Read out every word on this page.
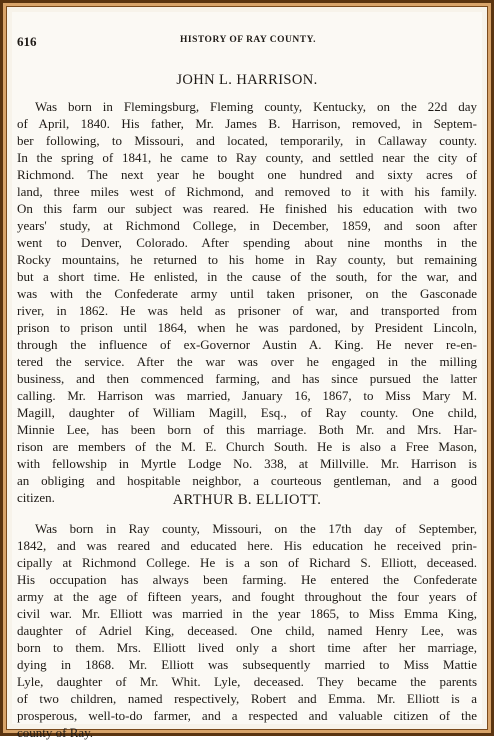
616	HISTORY OF RAY COUNTY.
JOHN L. HARRISON.
Was born in Flemingsburg, Fleming county, Kentucky, on the 22d day
of April, 1840. His father, Mr. James B. Harrison, removed, in Septem-
ber following, to Missouri, and located, temporarily, in Callaway county.
In the spring of 1841, he came to Ray county, and settled near the city of
Richmond. The next year he bought one hundred and sixty acres of
land, three miles west of Richmond, and removed to it with his family.
On this farm our subject was reared. He finished his education with two
years' study, at Richmond College, in December, 1859, and soon after
went to Denver, Colorado. After spending about nine months in the
Rocky mountains, he returned to his home in Ray county, but remaining
but a short time. He enlisted, in the cause of the south, for the war, and
was with the Confederate army until taken prisoner, on the Gasconade
river, in 1862. He was held as prisoner of war, and transported from
prison to prison until 1864, when he was pardoned, by President Lincoln,
through the influence of ex-Governor Austin A. King. He never re-en-
tered the service. After the war was over he engaged in the milling
business, and then commenced farming, and has since pursued the latter
calling. Mr. Harrison was married, January 16, 1867, to Miss Mary M.
Magill, daughter of William Magill, Esq., of Ray county. One child,
Minnie Lee, has been born of this marriage. Both Mr. and Mrs. Har-
rison are members of the M. E. Church South. He is also a Free Mason,
with fellowship in Myrtle Lodge No. 338, at Millville. Mr. Harrison is
an obliging and hospitable neighbor, a courteous gentleman, and a good
citizen.	ARTHUR B. ELLIOTT.
Was born in Ray county, Missouri, on the 17th day of September,
1842, and was reared and educated here. His education he received prin-
cipally at Richmond College. He is a son of Richard S. Elliott, deceased.
His occupation has always been farming. He entered the Confederate
army at the age of fifteen years, and fought throughout the four years of
civil war. Mr. Elliott was married in the year 1865, to Miss Emma King,
daughter of Adriel King, deceased. One child, named Henry Lee, was
born to them. Mrs. Elliott lived only a short time after her marriage,
dying in 1868. Mr. Elliott was subsequently married to Miss Mattie
Lyle, daughter of Mr. Whit. Lyle, deceased. They became the parents
of two children, named respectively, Robert and Emma. Mr. Elliott is a
prosperous, well-to-do farmer, and a respected and valuable citizen of the
county of Ray.
